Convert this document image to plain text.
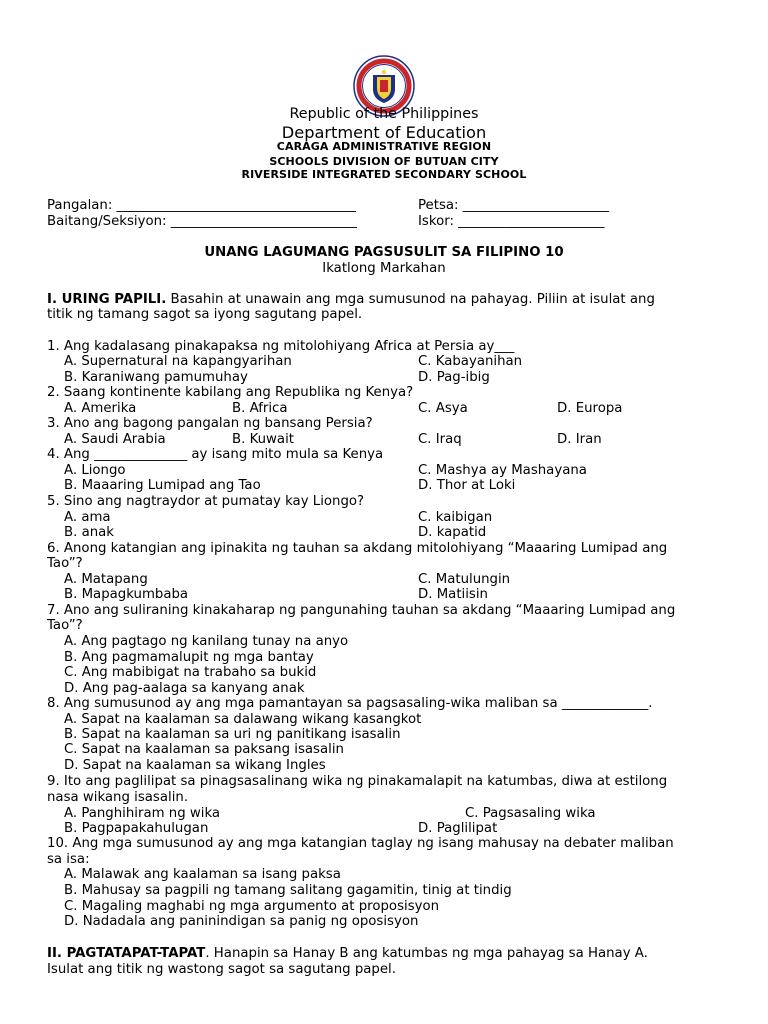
Republic of the Philippines
Department of Education
CARAGA ADMINISTRATIVE REGION
SCHOOLS DIVISION OF BUTUAN CITY
RIVERSIDE INTEGRATED SECONDARY SCHOOL
Pangalan: ____________________________________	Petsa: ______________________
Baitang/Seksiyon: ____________________________	Iskor: ______________________
UNANG LAGUMANG PAGSUSULIT SA FILIPINO 10
Ikatlong Markahan
I. URING PAPILI. Basahin at unawain ang mga sumusunod na pahayag. Piliin at isulat ang
titik ng tamang sagot sa iyong sagutang papel.
1. Ang kadalasang pinakapaksa ng mitolohiyang Africa at Persia ay___
A. Supernatural na kapangyarihan	C. Kabayanihan
B. Karaniwang pamumuhay	D. Pag-ibig
2. Saang kontinente kabilang ang Republika ng Kenya?
A. Amerika	B. Africa	C. Asya	D. Europa
3. Ano ang bagong pangalan ng bansang Persia?
A. Saudi Arabia	B. Kuwait	C. Iraq	D. Iran
4. Ang ______________ ay isang mito mula sa Kenya
A. Liongo	C. Mashya ay Mashayana
B. Maaaring Lumipad ang Tao	D. Thor at Loki
5. Sino ang nagtraydor at pumatay kay Liongo?
A. ama	C. kaibigan
B. anak	D. kapatid
6. Anong katangian ang ipinakita ng tauhan sa akdang mitolohiyang “Maaaring Lumipad ang
Tao”?
A. Matapang	C. Matulungin
B. Mapagkumbaba	D. Matiisin
7. Ano ang suliraning kinakaharap ng pangunahing tauhan sa akdang “Maaaring Lumipad ang
Tao”?
A. Ang pagtago ng kanilang tunay na anyo
B. Ang pagmamalupit ng mga bantay
C. Ang mabibigat na trabaho sa bukid
D. Ang pag-aalaga sa kanyang anak
8. Ang sumusunod ay ang mga pamantayan sa pagsasaling-wika maliban sa _____________.
A. Sapat na kaalaman sa dalawang wikang kasangkot
B. Sapat na kaalaman sa uri ng panitikang isasalin
C. Sapat na kaalaman sa paksang isasalin
D. Sapat na kaalaman sa wikang Ingles
9. Ito ang paglilipat sa pinagsasalinang wika ng pinakamalapit na katumbas, diwa at estilong
nasa wikang isasalin.
A. Panghihiram ng wika	C. Pagsasaling wika
B. Pagpapakahulugan	D. Paglilipat
10. Ang mga sumusunod ay ang mga katangian taglay ng isang mahusay na debater maliban
sa isa:
A. Malawak ang kaalaman sa isang paksa
B. Mahusay sa pagpili ng tamang salitang gagamitin, tinig at tindig
C. Magaling maghabi ng mga argumento at proposisyon
D. Nadadala ang paninindigan sa panig ng oposisyon
II. PAGTATAPAT-TAPAT. Hanapin sa Hanay B ang katumbas ng mga pahayag sa Hanay A.
Isulat ang titik ng wastong sagot sa sagutang papel.
